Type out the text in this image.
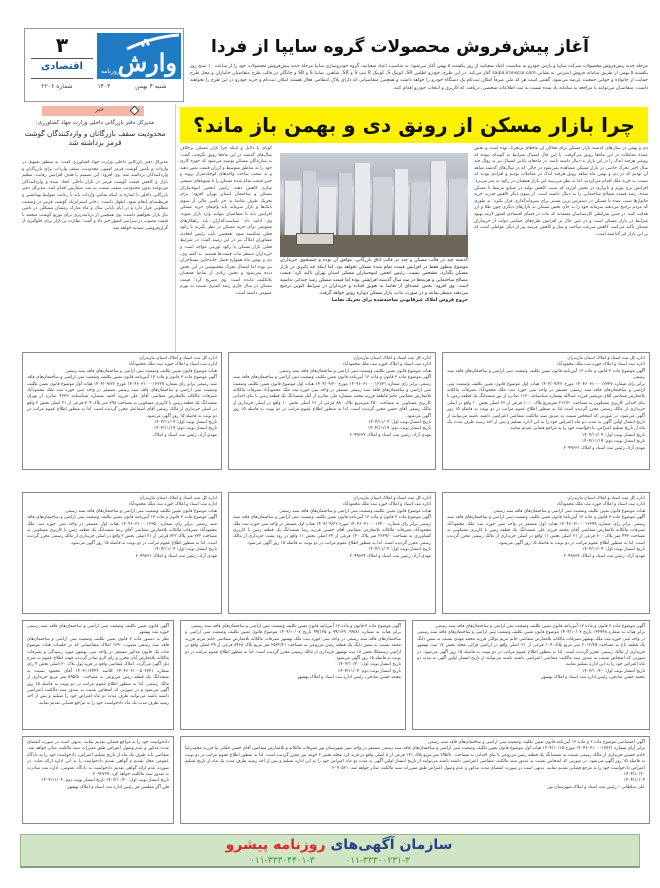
۳
اقتصادی	وارش
روزنامه
شنبه ۴ بهمن
۱۴۰۴
شماره ۲۲۰۶
آغاز پیش‌فروش محصولات گروه سایپا از فردا

مرحله جدید پیش‌فروش محصولات شرکت سایپا و پارس خودرو به مناسبت اعیاد شعبانیه از روز یکشنبه ۵ بهمن آغاز می‌شود؛ به مناسبت اعیاد شعبانیه، گروه خودروسازی سایپا مرحله جدید پیش‌فروش محصولات خود را از ساعت ۱۰ صبح روز یکشنبه ۵ بهمن از طریق سامانه فروش اینترنتی به نشانی saipa.iranecar.com آغاز می‌کند. در این طرح، خودرو اطلس SR، کوییک S، کوییک R تیپ S و SR، شاهین، ساینا S و SR و چانگان در قالب طرح متقاضیان جانبازان و محل طرح حمایت از خانواده و جوانی جمعیت عرضه می‌شود. گفتنی است هر کد ملی صرفاً امکان ثبت‌نام یک دستگاه خودرو را خواهد داشت و همچنین متقاضیانی که دارای پلاک انتظامی فعال هستند امکان ثبت‌نام و خرید خودرو در این طرح را نخواهند داشت. متقاضیان می‌توانند با مراجعه به سامانه یاد شده نسبت به ثبت اطلاعات شخصی، دریافت کد کاربری و انتخاب خودرو اقدام کنند.

چرا بازار مسکن از رونق دی و بهمن باز ماند؟
خبر
مدیرکل دفتر بازرگانی داخلی وزارت جهاد کشاورزی:
محدودیت سقف بازرگانان و واردکنندگان گوشت قرمز برداشته شد

مدیرکل دفتر بازرگانی داخلی وزارت جهاد کشاورزی گفت: به منظور تسهیل در واردات و تامین گوشت قرمز کشور، محدودیت سقف واردات برای بازرگانان و واردکنندگان برداشته شد. وی افزود: این تصمیم با هدف افزایش رقابت، تنظیم بازار و کاهش قیمت گوشت قرمز در بازار داخلی اتخاذ شده و واردکنندگان می‌توانند بدون محدودیت سقف نسبت به ثبت سفارش اقدام کنند. مدیرکل دفتر بازرگانی داخلی با اشاره به اینکه تمامی واردات باید با رعایت ضوابط بهداشتی و قرنطینه‌ای انجام شود، اظهار داشت: ذخایر استراتژیک گوشت قرمز در وضعیت مطلوبی قرار دارد و در ایام پایانی سال و ماه مبارک رمضان مشکلی در تامین نیاز بازار نخواهیم داشت. وی همچنین از برنامه‌ریزی برای توزیع گوشت منجمد با قیمت مصوب در سراسر کشور خبر داد و گفت: نظارت بر بازار برای جلوگیری از گران‌فروشی تشدید خواهد شد.

دی و بهمن در سال‌های گذشته بازار مسکن برای فعالان آن ماه‌های پرتحرک بوده است و بخش عمده معاملات در این ماه‌ها رونق می‌گرفت. با این حال امسال شرایط به گونه‌ای نبوده که رونقی هرچند اندک را در این بازار به دنبال داشته باشد. در ماه‌های پایانی امسال نیز به روال چند سال اخیر تحرک خاصی در بازار مسکن مشاهده نمی‌شود در حالی که در سال‌های گذشته شاهد آن بودیم که در دی و بهمن ماه شاهد رونق هرچند اندک در معاملات بودیم و افرادی بودند که نسبت به خرید ملک اقدام می‌کردند. اما به نظر می‌رسد این بازار همچنان در رکود به سر می‌برد. افزایش نرخ تورم و ناترازی در بخش انرژی که سبب کاهش تولید در صنایع مرتبط با مسکن شده، رشد قیمت مصالح ساختمانی را به دنبال داشته است. از سوی دیگر کاهش قدرت خرید خانوارها سبب شده تا مسکن در دسترس ترین مسیر برای سرمایه‌گذاری قرار نگیرد؛ به طوری که مردم ترجیح می‌دهند سرمایه خود را به جای بخش مسکن به بازارهای دیگری چون طلا و ارز هدایت کنند. در چنین شرایطی کارشناسان معتقدند که ثبات در فضای اقتصادی کشور لازمه بهبود شرایط در بازار مسکن است و در عین حال بر افزایش طرح‌های حمایتی دولت از خریداران مسکن تأکید می‌کنند. کاهش سرعت ساخت و ساز و کاهش عرضه نیز از دیگر عواملی است که بر این بازار اثر گذاشته است.

گویای یا دلایل و اینکه چرا بازار مسکن برخلاف سال‌های گذشته در این ماه‌ها رونق نگرفت، گفت: به سازندگان مسکن توصیه می‌شود که حوزه کاری خود را به مناطق متوسط و ارزان قیمت تغییر دهند و به سمت ساخت واحدهای کوچک‌متراژ بروند و حتی قیمت تمام شده مسکن را با شیوه‌های صنعتی سازی کاهش دهند. رئیس انجمن انبوه‌سازان مسکن و ساختمان استان تهران افزود: برای تحریک طرف تقاضا به جز تامین مالی از سوی بانک‌ها و بازار سرمایه باید وام‌های خرید مسکن افزایش یابد تا متقاضیان بتوانند وارد بازار شوند. وی ادامه داد: سیاست‌گذاران باید راهکارهای تشویقی برای خرید مسکن در نظر بگیرند تا رکود فعلی شکسته شود. همچنین نایب رئیس اتحادیه مشاوران املاک نیز در این زمینه گفت: در شرایط فعلی بازار مسکن با رکود تورمی مواجه است و خریداران منتظر ثبات قیمت‌ها هستند. به گفته وی، دی و بهمن ماه همواره فصل جابه‌جایی مستاجران نیز بوده اما امسال تحرک محسوسی در این بخش دیده نمی‌شود و بخش زیادی از تقاضا همچنان بلاتکلیف مانده است. وی تصریح کرد: قیمت مسکن در سال جاری رشد کمتری نسبت به تورم عمومی داشته است.

گذشته چند در قالب مسکن و چند در قالب اتاق بازرگانی، موافق آن بوده و جستجوی خریداران موضوع منظور فقط در افزایش قیمت تمام شده مسکن نخواهد بود. اما اینکه چه تاثیری در بازار مسکن بگذارد، مشخص نیست. رئیس انجمن انبوه‌سازان مسکن استان تهران تاکید کرد: قیمت مصالح ساختمانی و هزینه‌ها در سه سال گذشته افزایشی بوده اما قیمت مسکن رشد چندانی نداشته است. وی افزود: بخش عمده‌ای از تقاضا به تعویق افتاده و خریداران در شرایط کنونی ترجیح می‌دهند منتظر بمانند و در صورت ثبات، بازار مسکن دوباره رونق خواهد گرفت.
خروج فروش املاک غیرقانونی ساخته‌شده برای تحریک تقاضا
اداره کل ثبت اسناد و املاک استان مازندران
اداره ثبت اسناد و املاک حوزه ثبت ملک محمودآباد
آگهی موضوع ماده ۳ قانون و ماده ۱۳ آیین‌نامه قانون تعیین تکلیف وضعیت ثبتی اراضی و ساختمان‌های فاقد سند رسمی
برابر رای شماره ۱۴۰۴۶۰۳۱۰۰۰۱۲۳۴۷ مورخ ۱۴۰۴/۰۹/۲۲ هیات اول موضوع قانون تعیین تکلیف وضعیت ثبتی اراضی و ساختمان‌های فاقد سند رسمی مستقر در واحد ثبتی حوزه ثبت ملک محمودآباد تصرفات مالکانه بلامعارض متقاضی آقای مرتضی فرزند عبدالله بشماره شناسنامه ۱۱۳۰ صادره از نور ششدانگ یک قطعه زمین با بنای احداثی کاربری مسکونی به مساحت ۳۱۲/۳۰ مترمربع پلاک ۱۰۰۰ فرعی از ۳۲ اصلی بخش ۱۰ واقع در اسلی خریداری از مالک رسمی محرز گردیده است لذا به منظور اطلاع عموم مراتب در دو نوبت به فاصله ۱۵ روز آگهی می‌شود. در صورتی که اشخاص نسبت به صدور سند مالکیت متقاضی اعتراضی داشته باشند می‌توانند از تاریخ انتشار اولین آگهی به مدت دو ماه اعتراض خود را به این اداره تسلیم و پس از اخذ رسید ظرف مدت یک ماه از تاریخ تسلیم اعتراض، دادخواست خود را به مراجع قضایی تقدیم نمایند.
تاریخ انتشار نوبت اول: ۱۴۰۴/۱۱/۰۴
تاریخ انتشار نوبت دوم: ۱۴۰۴/۱۱/۱۹
مهدی آزاد، رئیس ثبت اسناد و املاک ۲۰۹۹۶۳۱
اداره کل ثبت اسناد و املاک استان مازندران
اداره ثبت اسناد و املاک حوزه ثبت ملک محمودآباد
هیات موضوع قانون تعیین تکلیف وضعیت ثبتی اراضی و ساختمان‌های فاقد سند رسمی
آگهی موضوع ماده ۳ قانون و ماده ۱۳ آیین‌نامه قانون تعیین تکلیف وضعیت ثبتی اراضی و ساختمان‌های فاقد سند رسمی برابر رای شماره ۱۴۰۴۶۰۳۱۰۰۰۱۲۲۳۱ مورخ ۱۴۰۴/۰۹/۲۰ هیات اول موضوع قانون تعیین تکلیف وضعیت ثبتی اراضی و ساختمان‌های فاقد سند رسمی مستقر در واحد ثبتی حوزه ثبت ملک محمودآباد تصرفات مالکانه بلامعارض متقاضی خانم فاطمه فرزند محمد بشماره ملی صادره از آمل ششدانگ یک قطعه زمین با بنای احداثی کاربری مسکونی به مساحت ۲۵۰ مترمربع پلاک ۸۸۰ فرعی از ۲۱ اصلی بخش ۱۰ واقع در اسلی خریداری از مالک رسمی آقای حسن محرز گردیده است. لذا به منظور اطلاع عموم مراتب در دو نوبت به فاصله ۱۵ روز آگهی می‌شود.
تاریخ انتشار نوبت اول: ۱۴۰۴/۱۱/۰۴
تاریخ انتشار نوبت دوم: ۱۴۰۴/۱۱/۱۹
مهدی آزاد، رئیس ثبت اسناد و املاک ۲۰۹۹۶۳۲
اداره کل ثبت اسناد و املاک استان مازندران
اداره ثبت اسناد و املاک حوزه ثبت ملک محمودآباد
هیات موضوع قانون تعیین تکلیف وضعیت ثبتی اراضی و ساختمان‌های فاقد سند رسمی
آگهی موضوع ماده ۳ قانون و ماده ۱۳ آیین‌نامه قانون تعیین تکلیف وضعیت ثبتی اراضی و ساختمان‌های فاقد سند رسمی برابر رای شماره ۱۴۰۴۶۰۳۱۰۰۰۱۲۳۲۷ مورخ ۱۴۰۴/۰۹/۲۲ هیات اول موضوع قانون تعیین تکلیف وضعیت ثبتی اراضی و ساختمان‌های فاقد سند رسمی مستقر در واحد ثبتی حوزه ثبت ملک محمودآباد تصرفات مالکانه بلامعارض متقاضی آقای علی فرزند احمد بشماره شناسنامه ۴۳۳۳ صادره از تهران ششدانگ یک قطعه زمین با کاربری مسکونی به مساحت ۲۹۸ متر پلاک ۷۰۹ فرعی از ۲۱ اصلی بخش ۲ واقع در اسلی خریداری از مالک رسمی آقای اسماعیل محرز گردیده است. لذا به منظور اطلاع عموم مراتب در دو نوبت به فاصله ۱۵ روز آگهی می‌شود.
تاریخ انتشار نوبت اول: ۱۴۰۴/۱۱/۰۴
تاریخ انتشار نوبت دوم: ۱۴۰۴/۱۱/۱۹
مهدی آزاد، رئیس ثبت اسناد و املاک
اداره کل ثبت اسناد و املاک استان مازندران
اداره ثبت اسناد و املاک حوزه ثبت ملک محمودآباد
هیات موضوع قانون تعیین تکلیف وضعیت ثبتی اراضی و ساختمان‌های فاقد سند رسمی
آگهی موضوع ماده ۳ قانون و ماده ۱۳ آیین‌نامه قانون تعیین تکلیف وضعیت ثبتی اراضی و ساختمان‌های فاقد سند رسمی برابر رای شماره ۱۴۰۴۶۰۳۱۰۰۰۱۲۳۹۹ هیات اول مستقر در واحد ثبتی حوزه ثبت ملک محمودآباد تصرفات مالکانه بلامعارض متقاضی آقای محمد فرزند علی ششدانگ یک قطعه زمین با کاربری مسکونی به مساحت ۴۴۳ متر پلاک ۶۰۰ فرعی از ۲۱ اصلی بخش ۱۱ واقع در اسلی خریداری از مالک رسمی محرز گردیده است. لذا به منظور اطلاع عموم مراتب در دو نوبت به فاصله ۱۵ روز آگهی می‌شود.
تاریخ انتشار نوبت اول: ۱۴۰۴/۱۱/۰۴
مهدی آزاد، رئیس ثبت اسناد و املاک ۲۰۹۹۶۳۳
اداره کل ثبت اسناد و املاک استان مازندران
اداره ثبت اسناد و املاک حوزه ثبت ملک محمودآباد
هیات موضوع قانون تعیین تکلیف وضعیت ثبتی اراضی و ساختمان‌های فاقد سند رسمی
آگهی موضوع ماده ۳ قانون و ماده ۱۳ آیین‌نامه قانون تعیین تکلیف وضعیت ثبتی اراضی و ساختمان‌های فاقد سند رسمی برابر رای شماره ۱۴۰۴۶۰۳۱۰۰۰۱۲۴۰۰ مورخ ۱۴۰۴/۰۹/۲۲ هیات اول مستقر در واحد ثبتی حوزه ثبت ملک محمودآباد تصرفات مالکانه بلامعارض متقاضی آقای حسین فرزند رضا ششدانگ یک قطعه زمین با کاربری کشاورزی به مساحت ۲۳۲۹/۰ متر پلاک ۱۴۰ فرعی از ۲۴ اصلی بخش ۱۱ واقع در رود پشت خریداری از مالک رسمی محرز گردیده است. لذا به منظور اطلاع عموم مراتب در دو نوبت به فاصله ۱۵ روز آگهی می‌شود.
تاریخ انتشار نوبت اول: ۱۴۰۴/۱۱/۰۴
مهدی آزاد، رئیس ثبت اسناد و املاک ۲۰۹۹۶۳۴
اداره کل ثبت اسناد و املاک استان مازندران
اداره ثبت اسناد و املاک حوزه ثبت ملک محمودآباد
هیات موضوع قانون تعیین تکلیف وضعیت ثبتی اراضی و ساختمان‌های فاقد سند رسمی
آگهی موضوع ماده ۳ قانون و ماده ۱۳ آیین‌نامه قانون تعیین تکلیف وضعیت ثبتی اراضی و ساختمان‌های فاقد سند رسمی برابر رای شماره ۱۴۰۴۶۰۳۱۰۰۰۱۲۳۵۰ هیات اول مستقر در واحد ثبتی حوزه ثبت ملک محمودآباد تصرفات مالکانه بلامعارض متقاضی آقای رضا ششدانگ یک قطعه زمین با کاربری مسکونی به مساحت ۲۲۲ متر پلاک ۷۲۲ فرعی از ۲۱ اصلی بخش ۲ واقع در اسلی خریداری از مالک رسمی محرز گردیده است. لذا به منظور اطلاع عموم مراتب در دو نوبت به فاصله ۱۵ روز آگهی می‌شود.
تاریخ انتشار نوبت اول: ۱۴۰۴/۱۱/۰۴
مهدی آزاد، رئیس ثبت اسناد و املاک ۲۰۹۹۶۳۱
آگهی موضوع ماده ۳ قانون و ماده ۱۳ آیین‌نامه قانون تعیین تکلیف وضعیت ثبتی اراضی و ساختمان‌های فاقد سند رسمی
برابر هیات به شماره ۱۴۴۹۴۸ تاریخ ۱۴۰۴/۱۰/۰۷ موضوع قانون تعیین تکلیف وضعیت ثبتی اراضی و ساختمان‌های فاقد سند رسمی در واحد ثبتی حوزه ثبت ملک بهشهر تصرفات مالکانه بلامعارض متقاضی خانم مریم توکلی فرزند محمد مهدی نسبت به شش دانگ یک قطعه باغ به مساحت ۲۰۱۲/۳۵ متر مربع پلاک ۱۰۴ فرعی از ۳۱ اصلی واقع در اراضی قرائی محله بخش ۱۷ ثبت بهشهر خریداری از مالک رسمی محرز گردیده است. لذا به منظور اطلاع عموم مراتب در دو نوبت به فاصله ۱۵ روز آگهی می‌شود. در صورتی که اشخاص نسبت به صدور سند مالکیت متقاضی اعتراضی داشته باشند می‌توانند از تاریخ انتشار اولین آگهی به مدت دو ماه اعتراض خود را به این اداره تسلیم نمایند.
تاریخ انتشار نوبت اول: ۱۴۰۴/۱۰/۲۰
محمد حسن صادقی، رئیس اداره ثبت اسناد و املاک بهشهر
آگهی موضوع ماده ۳ قانون و ماده ۱۳ آیین‌نامه قانون تعیین تکلیف وضعیت ثبتی اراضی و ساختمان‌های فاقد سند رسمی
برابر هیات به شماره ۹۹/۸۱، ۹۹/۱۳۹ و ۹۹/۱۳۵ تاریخ ۱۴۰۴/۱۰/۰۷ موضوع قانون تعیین تکلیف وضعیت ثبتی اراضی و ساختمان‌های فاقد سند رسمی در واحد ثبتی حوزه ثبت ملک بهشهر تصرفات مالکانه بلامعارض متقاضی خانم مریم فرزند محمد نسبت به شش دانگ یک قطعه زمین مزروعی به مساحت ۲۵۳۲/۲۱ متر مربع پلاک ۸۴۶۸ فرعی از ۳۹ اصلی واقع در اراضی رستمکلا بخش ۱۸ ثبت بهشهر خریداری از مالک رسمی محرز گردیده است. لذا به منظور اطلاع عموم مراتب در دو نوبت به فاصله ۱۵ روز آگهی می‌شود.
تاریخ انتشار نوبت اول: ۱۴۰۴/۱۰/۲۰
تاریخ انتشار نوبت دوم: ۱۴۰۴/۱۱/۰۴
محمد حسن صادقی، رئیس اداره ثبت اسناد و املاک بهشهر
آگهی قانون تعیین تکلیف وضعیت ثبتی اراضی و ساختمان‌های فاقد سند رسمی حوزه ثبت بهشهر
نظر به دستور ماده ۳ قانون تعیین تکلیف وضعیت ثبتی اراضی و ساختمان‌های فاقد سند رسمی مصوب ۱۳۹۰ املاک متقاضیانی که در جلسات هیات موضوع ماده یک قانون مذکور مستقر در واحد ثبتی بهشهر مورد رسیدگی و تصرفات مالکانه بلامعارض آنان محرز و رای لازم صادر گردیده جهت اطلاع عموم به شرح ذیل آگهی می‌گردد. املاک متقاضی واقع در قریه پول پلاک ۳۰ اصلی بخش ۴ رای شماره ۱۴۰۴۶۰۳۱۰۰۵۰۳۳۴۱ کلاسه ۱۴۰۳۱۱۴۴۴۴ آقای محمود نسبت به ششدانگ یک قطعه زمین مزروعی به مساحت ۵۹۵/۵۰ متر مربع خریداری از مالک رسمی. لذا به منظور اطلاع عموم مراتب در دو نوبت به فاصله ۱۵ روز آگهی می‌شود و در صورتی که اشخاص نسبت به صدور سند مالکیت اعتراضی داشته باشند می‌توانند ظرف مدت دو ماه اعتراض خود را تسلیم و پس از اخذ رسید ظرف مدت یک ماه دادخواست خود را به مراجع قضایی تقدیم نمایند.
آگهی اختصاصی موضوع ماده ۳ و ماده ۱۳ آیین‌نامه قانون تعیین تکلیف وضعیت ثبتی اراضی و ساختمان‌های فاقد سند رسمی
برابر آرای شماره ۱۴۰۴۶۰۳۱۰۰۰۱۷۷۲۱ مورخ ۱۴۰۴/۱۰/۱۵ هیات اول موضوع قانون تعیین تکلیف وضعیت ثبتی اراضی و ساختمان‌های فاقد سند رسمی مستقر در واحد ثبتی شهرستان نور تصرفات مالکانه و بلامعارض متقاضی آقای حسن خلیلی نیا فرزند محمدرضا خادم حسین خریداری از مالک رسمی نسبت به ششدانگ یک قطعه زمین مزروعی با بنای احداثی به مساحت ۲۹۵/۸۰ متر مربع پلاک ۱۲۱ فرعی از ۸ اصلی واقع در قریه کرد محله بخش ۲ حومه نور محرز گردیده است. لذا به منظور اطلاع عموم مراتب در دو نوبت به فاصله ۱۵ روز آگهی می‌شود. در صورتی که اشخاص نسبت به صدور سند مالکیت متقاضی اعتراضی داشته باشند می‌توانند از تاریخ انتشار اولین آگهی به مدت دو ماه اعتراض خود را به این اداره تسلیم و پس از اخذ رسید ظرف مدت یک ماه از تاریخ تسلیم اعتراض دادخواست خود را به مرجع قضایی تقدیم نمایند. بدیهی است در صورت انقضای مدت مذکور و عدم وصول اعتراض طبق مقررات سند مالکیت صادر خواهد شد. ۲۰۹۰۵۲۱
۱۴۰۴/۱۰/۲۰
۱۴۰۴/۱۱/۰۴
علی سلطانی – رئیس ثبت اسناد و املاک شهرستان نور
دادخواست خود را به مراجع قضایی تقدیم نمایند. بدیهی است در صورت انقضای مدت مذکور و عدم وصول اعتراض طبق مقررات سند مالکیت صادر خواهد شد. متقاضی باید ظرف یک ماه از تاریخ تسلیم اعتراض، دادخواست خود را به دادگاه عمومی محل تقدیم و گواهی تقدیم دادخواست را به این اداره ارائه نماید. در صورت عدم ارائه گواهی تقدیم دادخواست به دادگاه عمومی، اداره ثبت مبادرت به صدور سند مالکیت خواهد کرد. ۲۰۹۲۷۲۹
تاریخ انتشار نوبت اول: ۱۴۰۴/۱۰/۲۰ تاریخ انتشار نوبت دوم: ۱۴۰۴/۱۱/۰۴
فلن آگر مفلسی فر رئیس اداره ثبت اسناد و املاک بهشهر
سازمان آگهی‌های روزنامه پیشرو
۰۱۱-۳۳۳۰۴۴۰۱-۳	۰۱۱-۳۳۳۰۰۲۳۱-۳
